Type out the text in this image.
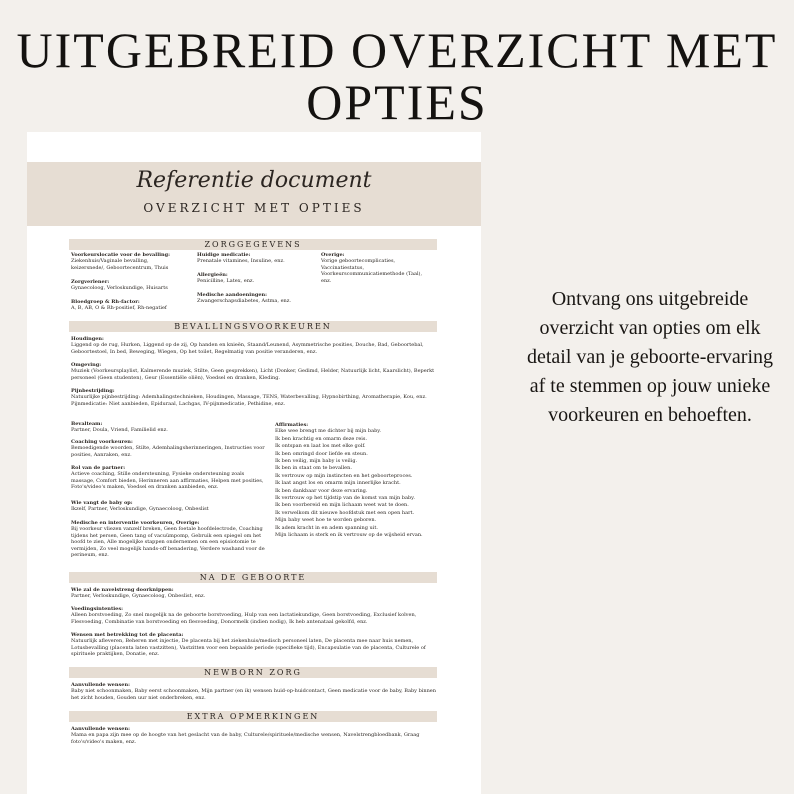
UITGEBREID OVERZICHT MET
OPTIES
Ontvang ons uitgebreide overzicht van opties om elk detail van je geboorte-ervaring af te stemmen op jouw unieke voorkeuren en behoeften.
Referentie document
OVERZICHT MET OPTIES
ZORGGEGEVENS
Voorkeurslocatie voor de bevalling:
Ziekenhuis/Vaginale bevalling, keizersnede/, Geboortecentrum, Thuis
Zorgverlener:
Gynaecoloog, Verloskundige, Huisarts
Bloedgroep & Rh-factor:
A, B, AB, O & Rh-positief, Rh-negatief
Huidige medicatie:
Prenatale vitamines, Insuline, enz.
Allergieën:
Penicilline, Latex, enz.
Medische aandoeningen:
Zwangerschapsdiabetes, Astma, enz.
Overige:
Vorige geboortecomplicaties, Vaccinatiestatus, Voorkeurscommunicatiemethode (Taal), enz.
BEVALLINGSVOORKEUREN
Houdingen:
Liggend op de rug, Hurken, Liggend op de zij, Op handen en knieën, Staand/Leunend, Asymmetrische posities, Douche, Bad, Geboortebal, Geboortestoel, In bed, Beweging, Wiegen, Op het toilet, Regelmatig van positie veranderen, enz.
Omgeving:
Muziek (Voorkeursplaylist, Kalmerende muziek, Stilte, Geen gesprekken), Licht (Donker, Gedimd, Helder, Natuurlijk licht, Kaarslicht), Beperkt personeel (Geen studenten), Geur (Essentiële oliën), Voedsel en dranken, Kleding.
Pijnbestrijding:
Natuurlijke pijnbestrijding: Ademhalingstechnieken, Houdingen, Massage, TENS, Waterbevalling, Hypnobirthing, Aromatherapie, Kou, enz. Pijnmedicatie: Niet aanbieden, Epiduraal, Lachgas, IV-pijnmedicatie, Pethidine, enz.
Bevalteam:
Partner, Doula, Vriend, Familielid enz.
Coaching voorkeuren:
Bemoedigende woorden, Stilte, Ademhalingsherinneringen, Instructies voor posities, Aanraken, enz.
Rol van de partner:
Actieve coaching, Stille ondersteuning, Fysieke ondersteuning zoals massage, Comfort bieden, Herinneren aan affirmaties, Helpen met posities, Foto's/video's maken, Voedsel en dranken aanbieden, enz.
Wie vangt de baby op:
Ikzelf, Partner, Verloskundige, Gynaecoloog, Onbeslist
Medische en interventie voorkeuren, Overige:
Bij voorkeur vliezen vanzelf breken, Geen foetale hoofdelectrode, Coaching tijdens het persen, Geen tang of vacuümpomp, Gebruik een spiegel om het hoofd te zien, Alle mogelijke stappen ondernemen om een episiotomie te vermijden, Zo veel mogelijk hands-off benadering, Verdere washand voor de perineum, enz.
Affirmaties:
Elke wee brengt me dichter bij mijn baby.
Ik ben krachtig en omarm deze reis.
Ik ontspan en laat los met elke golf.
Ik ben omringd door liefde en steun.
Ik ben veilig, mijn baby is veilig.
Ik ben in staat om te bevallen.
Ik vertrouw op mijn instincten en het geboorteproces.
Ik laat angst los en omarm mijn innerlijke kracht.
Ik ben dankbaar voor deze ervaring.
Ik vertrouw op het tijdstip van de komst van mijn baby.
Ik ben voorbereid en mijn lichaam weet wat te doen.
Ik verwelkom dit nieuwe hoofdstuk met een open hart.
Mijn baby weet hoe te worden geboren.
Ik adem kracht in en adem spanning uit.
Mijn lichaam is sterk en ik vertrouw op de wijsheid ervan.
NA DE GEBOORTE
Wie zal de navelstreng doorknippen:
Partner, Verloskundige, Gynaecoloog, Onbeslist, enz.
Voedingsintenties:
Alleen borstvoeding, Zo snel mogelijk na de geboorte borstvoeding, Hulp van een lactatiekundige, Geen borstvoeding, Exclusief kolven, Flesvoeding, Combinatie van borstvoeding en flesvoeding, Donormelk (indien nodig), Ik heb antenataal gekolfd, enz.
Wensen met betrekking tot de placenta:
Natuurlijk afleveren, Beheren met injectie, De placenta bij het ziekenhuis/medisch personeel laten, De placenta mee naar huis nemen, Lotusbevalling (placenta laten vastzitten), Vastzitten voor een bepaalde periode (specifieke tijd), Encapsulatie van de placenta, Culturele of spirituele praktijken, Donatie, enz.
NEWBORN ZORG
Aanvullende wensen:
Baby niet schoonmaken, Baby eerst schoonmaken, Mijn partner (en ik) wensen huid-op-huidcontact, Geen medicatie voor de baby, Baby binnen het zicht houden, Gouden uur niet onderbreken, enz.
EXTRA OPMERKINGEN
Aanvullende wensen:
Mama en papa zijn mee op de hoogte van het geslacht van de baby, Culturele/spirituele/medische wensen, Navelstrengbloedbank, Graag foto's/video's maken, enz.
